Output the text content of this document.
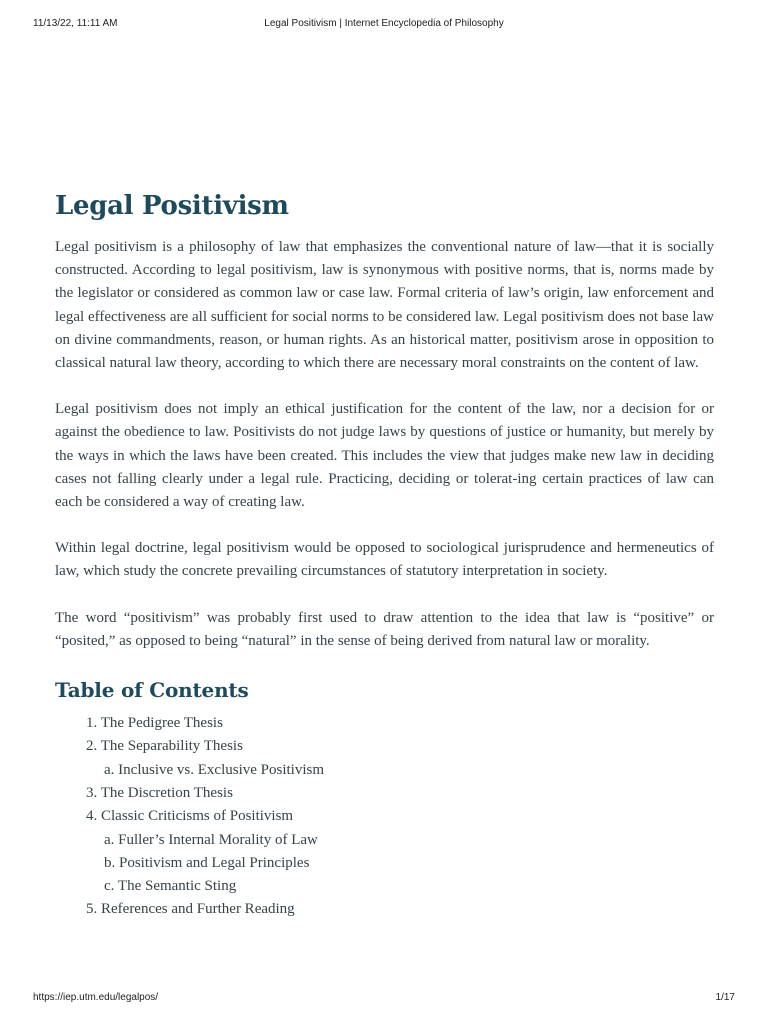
11/13/22, 11:11 AM	Legal Positivism | Internet Encyclopedia of Philosophy
Legal Positivism

Legal positivism is a philosophy of law that emphasizes the conventional nature of law—that it is socially constructed. According to legal positivism, law is synonymous with positive norms, that is, norms made by the legislator or considered as common law or case law. Formal criteria of law’s origin, law enforcement and legal effectiveness are all sufficient for social norms to be considered law. Legal positivism does not base law on divine commandments, reason, or human rights. As an historical matter, positivism arose in opposition to classical natural law theory, according to which there are necessary moral constraints on the content of law.

Legal positivism does not imply an ethical justification for the content of the law, nor a decision for or against the obedience to law. Positivists do not judge laws by questions of justice or humanity, but merely by the ways in which the laws have been created. This includes the view that judges make new law in deciding cases not falling clearly under a legal rule. Practicing, deciding or tolerat-ing certain practices of law can each be considered a way of creating law.

Within legal doctrine, legal positivism would be opposed to sociological jurisprudence and hermeneutics of law, which study the concrete prevailing circumstances of statutory interpretation in society.

The word “positivism” was probably first used to draw attention to the idea that law is “positive” or “posited,” as opposed to being “natural” in the sense of being derived from natural law or morality.

Table of Contents
1. The Pedigree Thesis
2. The Separability Thesis
a. Inclusive vs. Exclusive Positivism
3. The Discretion Thesis
4. Classic Criticisms of Positivism
a. Fuller’s Internal Morality of Law
b. Positivism and Legal Principles
c. The Semantic Sting
5. References and Further Reading
https://iep.utm.edu/legalpos/	1/17
